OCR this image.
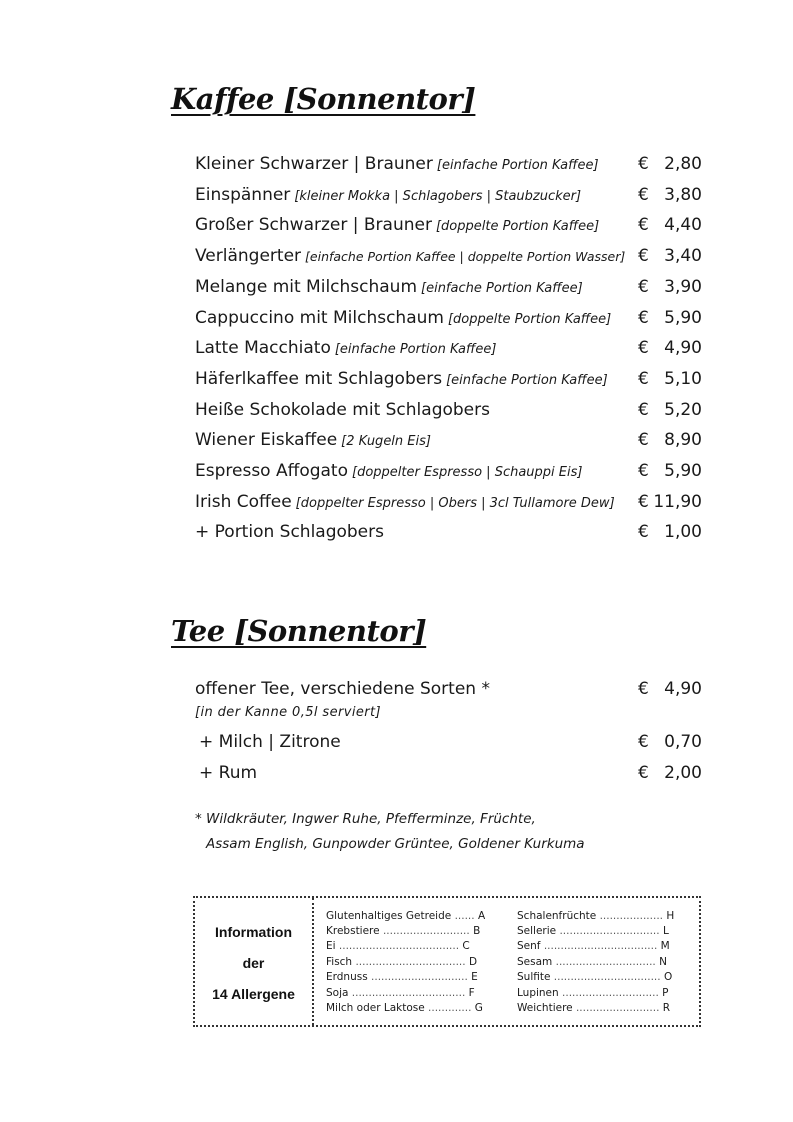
Kaffee [Sonnentor]
Kleiner Schwarzer | Brauner [einfache Portion Kaffee] € 2,80
Einspänner [kleiner Mokka | Schlagobers | Staubzucker]	€ 3,80
Großer Schwarzer | Brauner [doppelte Portion Kaffee] € 4,40
Verlängerter [einfache Portion Kaffee | doppelte Portion Wasser] € 3,40
Melange mit Milchschaum [einfache Portion Kaffee]	€ 3,90
Cappuccino mit Milchschaum [doppelte Portion Kaffee] € 5,90
Latte Macchiato [einfache Portion Kaffee]	€ 4,90
Häferlkaffee mit Schlagobers [einfache Portion Kaffee] € 5,10
Heiße Schokolade mit Schlagobers	€ 5,20
Wiener Eiskaffee [2 Kugeln Eis]	€ 8,90
Espresso Affogato [doppelter Espresso | Schauppi Eis]	€ 5,90
Irish Coffee [doppelter Espresso | Obers | 3cl Tullamore Dew] € 11,90
+ Portion Schlagobers	€ 1,00
Tee [Sonnentor]
offener Tee, verschiedene Sorten *	€ 4,90
[in der Kanne 0,5l serviert]
+ Milch | Zitrone	€ 0,70
+ Rum	€ 2,00
* Wildkräuter, Ingwer Ruhe, Pfefferminze, Früchte,
Assam English, Gunpowder Grüntee, Goldener Kurkuma
Information
der
14 Allergene
Glutenhaltiges Getreide ...... A
Krebstiere .......................... B
Ei .................................... C
Fisch ................................. D
Erdnuss ............................. E
Soja .................................. F
Milch oder Laktose ............. G
Schalenfrüchte ................... H
Sellerie .............................. L
Senf .................................. M
Sesam .............................. N
Sulfite ................................ O
Lupinen ............................. P
Weichtiere ......................... R
